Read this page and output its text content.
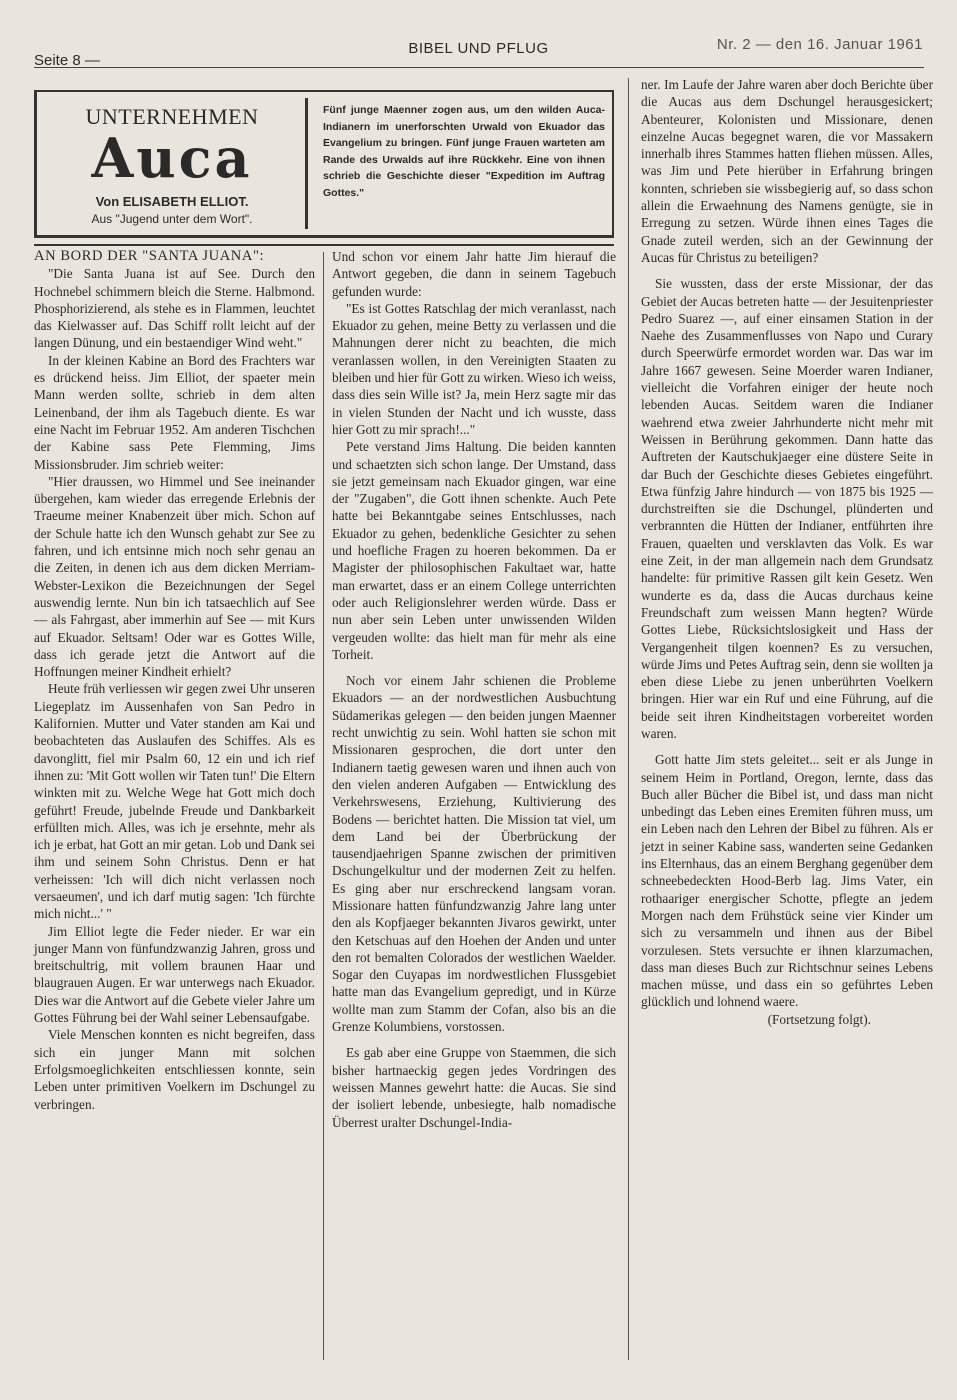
Seite 8 —
BIBEL UND PFLUG	Nr. 2 — den 16. Januar 1961
UNTERNEHMEN
Auca
Von ELISABETH ELLIOT.
Aus "Jugend unter dem Wort".
Fünf junge Maenner zogen aus, um den wilden Auca-Indianern im unerforschten Urwald von Ekuador das Evangelium zu bringen. Fünf junge Frauen warteten am Rande des Urwalds auf ihre Rückkehr. Eine von ihnen schrieb die Geschichte dieser "Expedition im Auftrag Gottes."

AN BORD DER "SANTA JUANA":

"Die Santa Juana ist auf See. Durch den Hochnebel schimmern bleich die Sterne. Halbmond. Phosphorizierend, als stehe es in Flammen, leuchtet das Kielwasser auf. Das Schiff rollt leicht auf der langen Dünung, und ein bestaendiger Wind weht."

In der kleinen Kabine an Bord des Frachters war es drückend heiss. Jim Elliot, der spaeter mein Mann werden sollte, schrieb in dem alten Leinenband, der ihm als Tagebuch diente. Es war eine Nacht im Februar 1952. Am anderen Tischchen der Kabine sass Pete Flemming, Jims Missionsbruder. Jim schrieb weiter:

"Hier draussen, wo Himmel und See ineinander übergehen, kam wieder das erregende Erlebnis der Traeume meiner Knabenzeit über mich. Schon auf der Schule hatte ich den Wunsch gehabt zur See zu fahren, und ich entsinne mich noch sehr genau an die Zeiten, in denen ich aus dem dicken Merriam-Webster-Lexikon die Bezeichnungen der Segel auswendig lernte. Nun bin ich tatsaechlich auf See — als Fahrgast, aber immerhin auf See — mit Kurs auf Ekuador. Seltsam! Oder war es Gottes Wille, dass ich gerade jetzt die Antwort auf die Hoffnungen meiner Kindheit erhielt?

Heute früh verliessen wir gegen zwei Uhr unseren Liegeplatz im Aussenhafen von San Pedro in Kalifornien. Mutter und Vater standen am Kai und beobachteten das Auslaufen des Schiffes. Als es davonglitt, fiel mir Psalm 60, 12 ein und ich rief ihnen zu: 'Mit Gott wollen wir Taten tun!' Die Eltern winkten mit zu. Welche Wege hat Gott mich doch geführt! Freude, jubelnde Freude und Dankbarkeit erfüllten mich. Alles, was ich je ersehnte, mehr als ich je erbat, hat Gott an mir getan. Lob und Dank sei ihm und seinem Sohn Christus. Denn er hat verheissen: 'Ich will dich nicht verlassen noch versaeumen', und ich darf mutig sagen: 'Ich fürchte mich nicht...' "

Jim Elliot legte die Feder nieder. Er war ein junger Mann von fünfundzwanzig Jahren, gross und breitschultrig, mit vollem braunen Haar und blaugrauen Augen. Er war unterwegs nach Ekuador. Dies war die Antwort auf die Gebete vieler Jahre um Gottes Führung bei der Wahl seiner Lebensaufgabe.

Viele Menschen konnten es nicht begreifen, dass sich ein junger Mann mit solchen Erfolgsmoeglichkeiten entschliessen konnte, sein Leben unter primitiven Voelkern im Dschungel zu verbringen.

Und schon vor einem Jahr hatte Jim hierauf die Antwort gegeben, die dann in seinem Tagebuch gefunden wurde:

"Es ist Gottes Ratschlag der mich veranlasst, nach Ekuador zu gehen, meine Betty zu verlassen und die Mahnungen derer nicht zu beachten, die mich veranlassen wollen, in den Vereinigten Staaten zu bleiben und hier für Gott zu wirken. Wieso ich weiss, dass dies sein Wille ist? Ja, mein Herz sagte mir das in vielen Stunden der Nacht und ich wusste, dass hier Gott zu mir sprach!..."

Pete verstand Jims Haltung. Die beiden kannten und schaetzten sich schon lange. Der Umstand, dass sie jetzt gemeinsam nach Ekuador gingen, war eine der "Zugaben", die Gott ihnen schenkte. Auch Pete hatte bei Bekanntgabe seines Entschlusses, nach Ekuador zu gehen, bedenkliche Gesichter zu sehen und hoefliche Fragen zu hoeren bekommen. Da er Magister der philosophischen Fakultaet war, hatte man erwartet, dass er an einem College unterrichten oder auch Religionslehrer werden würde. Dass er nun aber sein Leben unter unwissenden Wilden vergeuden wollte: das hielt man für mehr als eine Torheit.

Noch vor einem Jahr schienen die Probleme Ekuadors — an der nordwestlichen Ausbuchtung Südamerikas gelegen — den beiden jungen Maenner recht unwichtig zu sein. Wohl hatten sie schon mit Missionaren gesprochen, die dort unter den Indianern taetig gewesen waren und ihnen auch von den vielen anderen Aufgaben — Entwicklung des Verkehrswesens, Erziehung, Kultivierung des Bodens — berichtet hatten. Die Mission tat viel, um dem Land bei der Überbrückung der tausendjaehrigen Spanne zwischen der primitiven Dschungelkultur und der modernen Zeit zu helfen. Es ging aber nur erschreckend langsam voran. Missionare hatten fünfundzwanzig Jahre lang unter den als Kopfjaeger bekannten Jivaros gewirkt, unter den Ketschuas auf den Hoehen der Anden und unter den rot bemalten Colorados der westlichen Waelder. Sogar den Cuyapas im nordwestlichen Flussgebiet hatte man das Evangelium gepredigt, und in Kürze wollte man zum Stamm der Cofan, also bis an die Grenze Kolumbiens, vorstossen.

Es gab aber eine Gruppe von Staemmen, die sich bisher hartnaeckig gegen jedes Vordringen des weissen Mannes gewehrt hatte: die Aucas. Sie sind der isoliert lebende, unbesiegte, halb nomadische Überrest uralter Dschungel-India-

ner. Im Laufe der Jahre waren aber doch Berichte über die Aucas aus dem Dschungel herausgesickert; Abenteurer, Kolonisten und Missionare, denen einzelne Aucas begegnet waren, die vor Massakern innerhalb ihres Stammes hatten fliehen müssen. Alles, was Jim und Pete hierüber in Erfahrung bringen konnten, schrieben sie wissbegierig auf, so dass schon allein die Erwaehnung des Namens genügte, sie in Erregung zu setzen. Würde ihnen eines Tages die Gnade zuteil werden, sich an der Gewinnung der Aucas für Christus zu beteiligen?

Sie wussten, dass der erste Missionar, der das Gebiet der Aucas betreten hatte — der Jesuitenpriester Pedro Suarez —, auf einer einsamen Station in der Naehe des Zusammenflusses von Napo und Curary durch Speerwürfe ermordet worden war. Das war im Jahre 1667 gewesen. Seine Moerder waren Indianer, vielleicht die Vorfahren einiger der heute noch lebenden Aucas. Seitdem waren die Indianer waehrend etwa zweier Jahrhunderte nicht mehr mit Weissen in Berührung gekommen. Dann hatte das Auftreten der Kautschukjaeger eine düstere Seite in dar Buch der Geschichte dieses Gebietes eingeführt. Etwa fünfzig Jahre hindurch — von 1875 bis 1925 — durchstreiften sie die Dschungel, plünderten und verbrannten die Hütten der Indianer, entführten ihre Frauen, quaelten und versklavten das Volk. Es war eine Zeit, in der man allgemein nach dem Grundsatz handelte: für primitive Rassen gilt kein Gesetz. Wen wunderte es da, dass die Aucas durchaus keine Freundschaft zum weissen Mann hegten? Würde Gottes Liebe, Rücksichtslosigkeit und Hass der Vergangenheit tilgen koennen? Es zu versuchen, würde Jims und Petes Auftrag sein, denn sie wollten ja eben diese Liebe zu jenen unberührten Voelkern bringen. Hier war ein Ruf und eine Führung, auf die beide seit ihren Kindheitstagen vorbereitet worden waren.

Gott hatte Jim stets geleitet... seit er als Junge in seinem Heim in Portland, Oregon, lernte, dass das Buch aller Bücher die Bibel ist, und dass man nicht unbedingt das Leben eines Eremiten führen muss, um ein Leben nach den Lehren der Bibel zu führen. Als er jetzt in seiner Kabine sass, wanderten seine Gedanken ins Elternhaus, das an einem Berghang gegenüber dem schneebedeckten Hood-Berb lag. Jims Vater, ein rothaariger energischer Schotte, pflegte an jedem Morgen nach dem Frühstück seine vier Kinder um sich zu versammeln und ihnen aus der Bibel vorzulesen. Stets versuchte er ihnen klarzumachen, dass man dieses Buch zur Richtschnur seines Lebens machen müsse, und dass ein so geführtes Leben glücklich und lohnend waere.

(Fortsetzung folgt).
